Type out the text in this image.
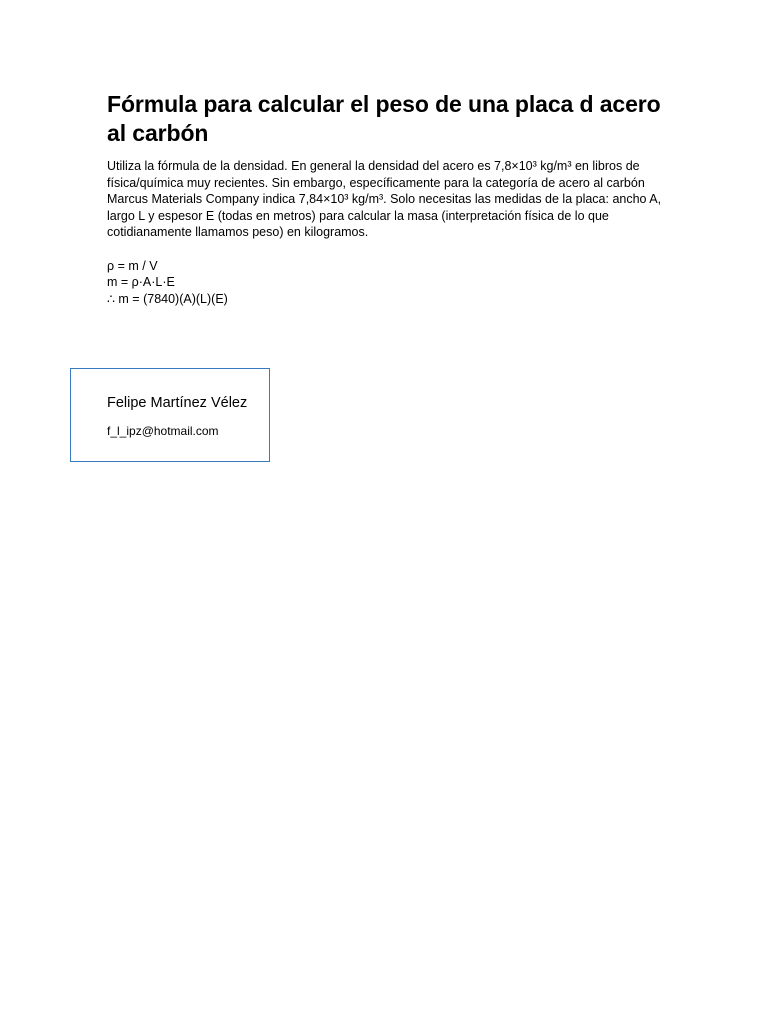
Fórmula para calcular el peso de una placa d acero al carbón

Utiliza la fórmula de la densidad. En general la densidad del acero es 7,8×10³ kg/m³ en libros de física/química muy recientes. Sin embargo, específicamente para la categoría de acero al carbón Marcus Materials Company indica 7,84×10³ kg/m³. Solo necesitas las medidas de la placa: ancho A, largo L y espesor E (todas en metros) para calcular la masa (interpretación física de lo que cotidianamente llamamos peso) en kilogramos.

ρ = m / V
m = ρ·A·L·E
∴ m = (7840)(A)(L)(E)
Felipe Martínez Vélez
f_l_ipz@hotmail.com
